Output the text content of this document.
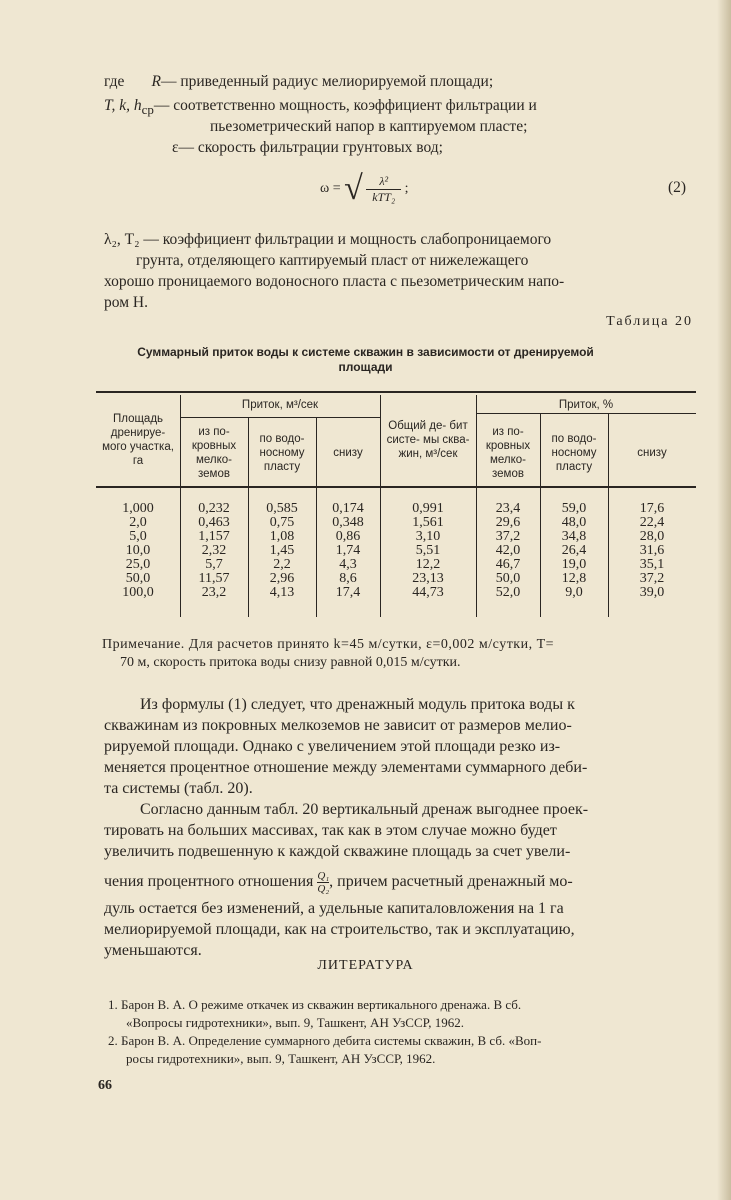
где R— приведенный радиус мелиорируемой площади;
T, k, $h_{ср}—$ соответственно мощность, коэффициент фильтрации и
пьезометрический напор в каптируемом пласте;
ε— скорость фильтрации грунтовых вод;
ω = √	λ²
kTT₂
;	(2)
λ₂, T₂ — коэффициент фильтрации и мощность слабопроницаемого
грунта, отделяющего каптируемый пласт от нижележащего
хорошо проницаемого водоносного пласта с пьезометрическим напо-
ром H.
Таблица 20
Суммарный приток воды к системе скважин в зависимости от дренируемой
площади
Площадь дренируе- мого участка, га	Приток, м³/сек			Общий де- бит систе- мы сква- жин, м³/сек	Приток, %		
	из по- кровных мелко- земов	по водо- носному пласту	снизу		из по- кровных мелко- земов	по водо- носному пласту	снизу
1,000	0,232	0,585	0,174	0,991	23,4	59,0	17,6
2,0	0,463	0,75	0,348	1,561	29,6	48,0	22,4
5,0	1,157	1,08	0,86	3,10	37,2	34,8	28,0
10,0	2,32	1,45	1,74	5,51	42,0	26,4	31,6
25,0	5,7	2,2	4,3	12,2	46,7	19,0	35,1
50,0	11,57	2,96	8,6	23,13	50,0	12,8	37,2
100,0	23,2	4,13	17,4	44,73	52,0	9,0	39,0
Примечание. Для расчетов принято k=45 м/сутки, ε=0,002 м/сутки, T=
70 м, скорость притока воды снизу равной 0,015 м/сутки.
Из формулы (1) следует, что дренажный модуль притока воды к
скважинам из покровных мелкоземов не зависит от размеров мелио-
рируемой площади. Однако с увеличением этой площади резко из-
меняется процентное отношение между элементами суммарного деби-
та системы (табл. 20).
Согласно данным табл. 20 вертикальный дренаж выгоднее проек-
тировать на больших массивах, так как в этом случае можно будет
увеличить подвешенную к каждой скважине площадь за счет увели-
чения процентного отношения $\frac{\text{Q₁}}{\text{Q₂}}$ , причем расчетный дренажный мо-
дуль остается без изменений, а удельные капиталовложения на 1 га
мелиорируемой площади, как на строительство, так и эксплуатацию,
уменьшаются.
ЛИТЕРАТУРА
1. Барон В. А. О режиме откачек из скважин вертикального дренажа. В сб.
«Вопросы гидротехники», вып. 9, Ташкент, АН УзССР, 1962.
2. Барон В. А. Определение суммарного дебита системы скважин, В сб. «Воп-
росы гидротехники», вып. 9, Ташкент, АН УзССР, 1962.
66
